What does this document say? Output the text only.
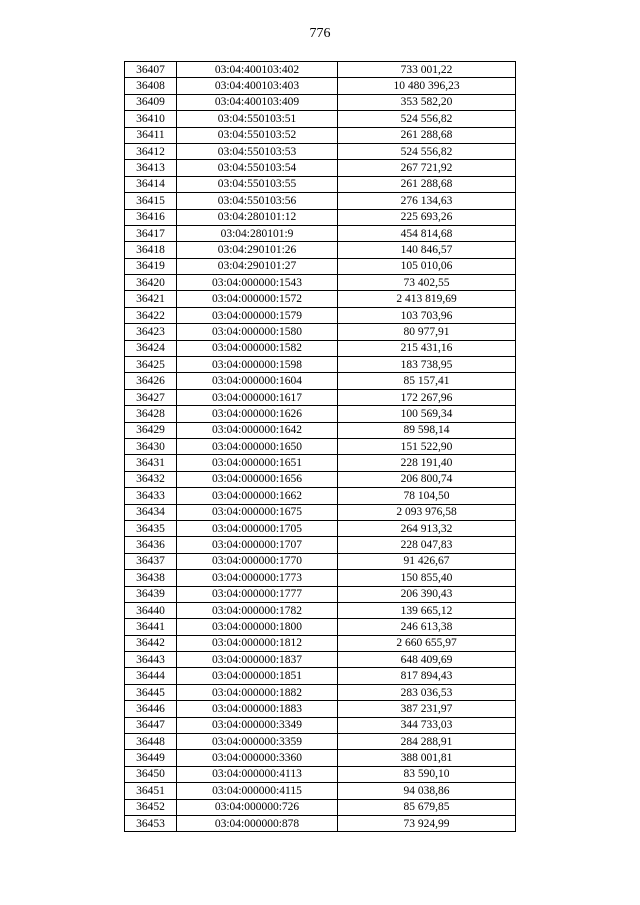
776
36407	03:04:400103:402	733 001,22
36408	03:04:400103:403	10 480 396,23
36409	03:04:400103:409	353 582,20
36410	03:04:550103:51	524 556,82
36411	03:04:550103:52	261 288,68
36412	03:04:550103:53	524 556,82
36413	03:04:550103:54	267 721,92
36414	03:04:550103:55	261 288,68
36415	03:04:550103:56	276 134,63
36416	03:04:280101:12	225 693,26
36417	03:04:280101:9	454 814,68
36418	03:04:290101:26	140 846,57
36419	03:04:290101:27	105 010,06
36420	03:04:000000:1543	73 402,55
36421	03:04:000000:1572	2 413 819,69
36422	03:04:000000:1579	103 703,96
36423	03:04:000000:1580	80 977,91
36424	03:04:000000:1582	215 431,16
36425	03:04:000000:1598	183 738,95
36426	03:04:000000:1604	85 157,41
36427	03:04:000000:1617	172 267,96
36428	03:04:000000:1626	100 569,34
36429	03:04:000000:1642	89 598,14
36430	03:04:000000:1650	151 522,90
36431	03:04:000000:1651	228 191,40
36432	03:04:000000:1656	206 800,74
36433	03:04:000000:1662	78 104,50
36434	03:04:000000:1675	2 093 976,58
36435	03:04:000000:1705	264 913,32
36436	03:04:000000:1707	228 047,83
36437	03:04:000000:1770	91 426,67
36438	03:04:000000:1773	150 855,40
36439	03:04:000000:1777	206 390,43
36440	03:04:000000:1782	139 665,12
36441	03:04:000000:1800	246 613,38
36442	03:04:000000:1812	2 660 655,97
36443	03:04:000000:1837	648 409,69
36444	03:04:000000:1851	817 894,43
36445	03:04:000000:1882	283 036,53
36446	03:04:000000:1883	387 231,97
36447	03:04:000000:3349	344 733,03
36448	03:04:000000:3359	284 288,91
36449	03:04:000000:3360	388 001,81
36450	03:04:000000:4113	83 590,10
36451	03:04:000000:4115	94 038,86
36452	03:04:000000:726	85 679,85
36453	03:04:000000:878	73 924,99
